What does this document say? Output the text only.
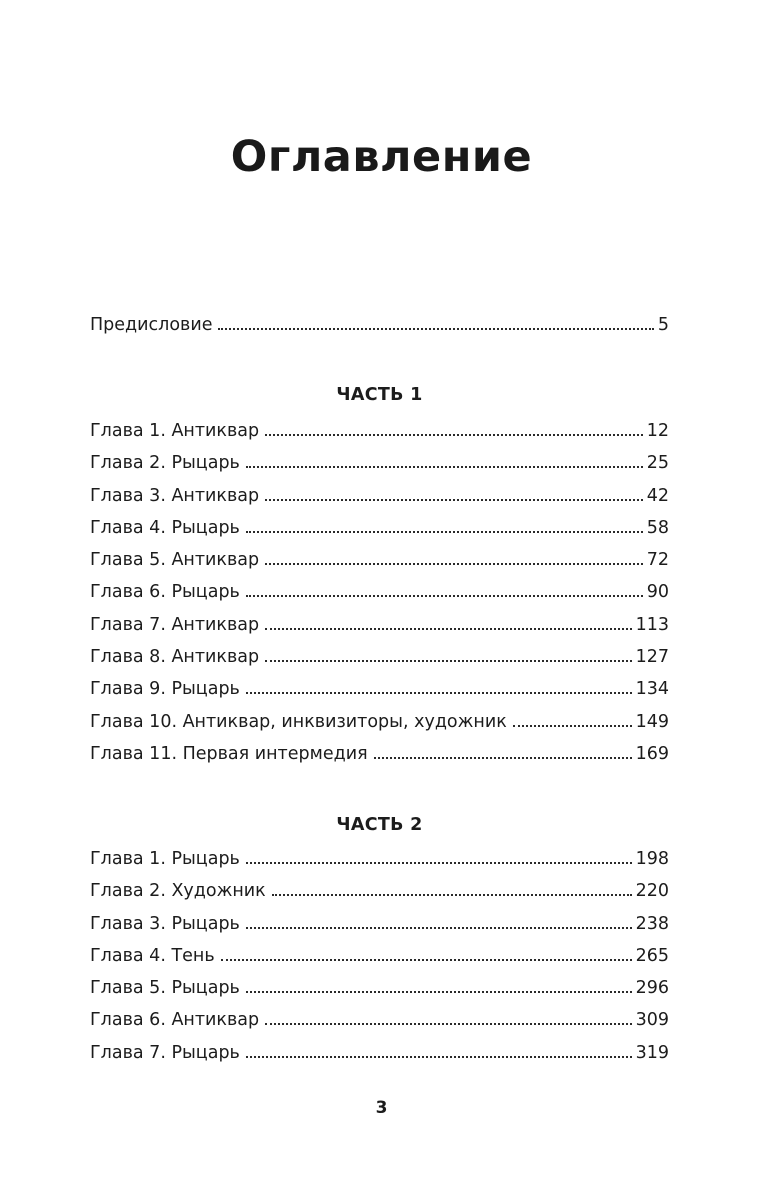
Оглавление
Предисловие	5
ЧАСТЬ 1
Глава 1. Антиквар	12
Глава 2. Рыцарь	25
Глава 3. Антиквар	42
Глава 4. Рыцарь	58
Глава 5. Антиквар	72
Глава 6. Рыцарь	90
Глава 7. Антиквар	113
Глава 8. Антиквар	127
Глава 9. Рыцарь	134
Глава 10. Антиквар, инквизиторы, художник	149
Глава 11. Первая интермедия	169
ЧАСТЬ 2
Глава 1. Рыцарь	198
Глава 2. Художник	220
Глава 3. Рыцарь	238
Глава 4. Тень	265
Глава 5. Рыцарь	296
Глава 6. Антиквар	309
Глава 7. Рыцарь	319
3
